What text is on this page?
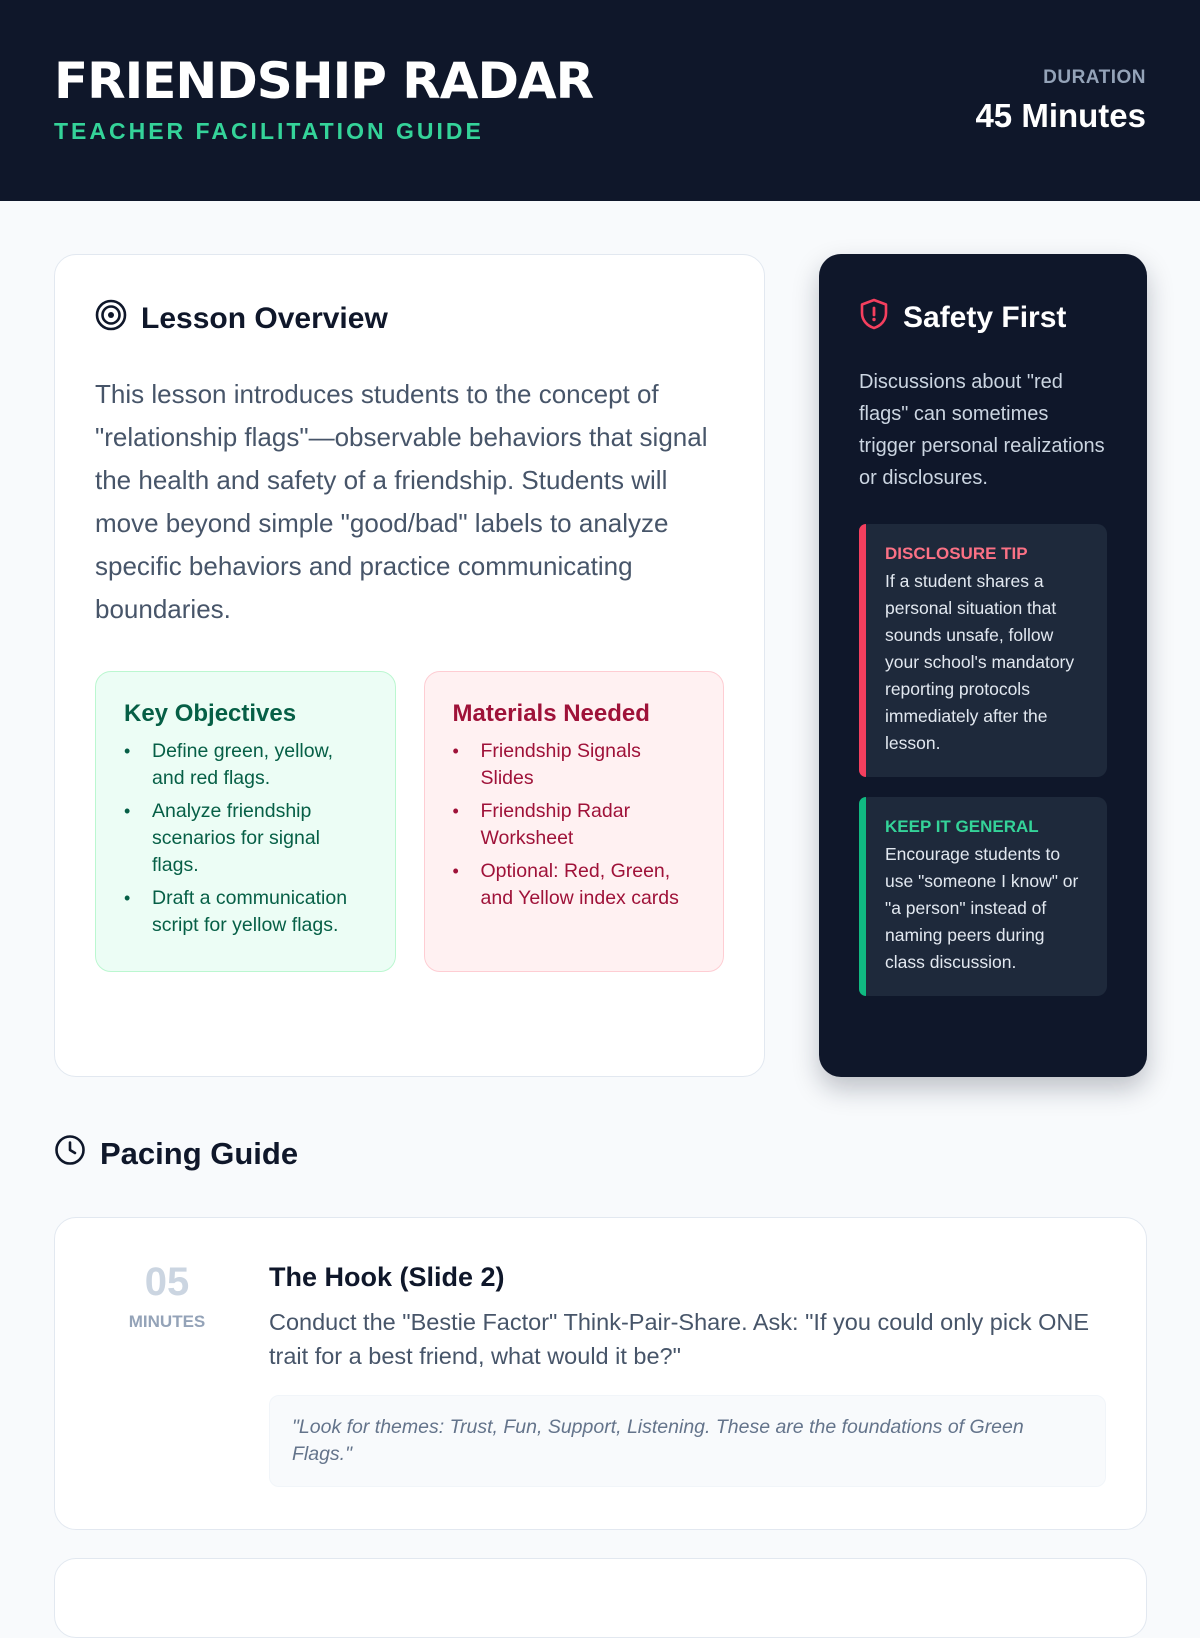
FRIENDSHIP RADAR
TEACHER FACILITATION GUIDE
DURATION
45 Minutes
Lesson Overview

This lesson introduces students to the concept of "relationship flags"—observable behaviors that signal the health and safety of a friendship. Students will move beyond simple "good/bad" labels to analyze specific behaviors and practice communicating boundaries.

Key Objectives
• Define green, yellow, and red flags.
• Analyze friendship scenarios for signal flags.
• Draft a communication script for yellow flags.
Materials Needed
• Friendship Signals Slides
• Friendship Radar Worksheet
• Optional: Red, Green, and Yellow index cards
Safety First

Discussions about "red flags" can sometimes trigger personal realizations or disclosures.

DISCLOSURE TIP
If a student shares a personal situation that sounds unsafe, follow your school's mandatory reporting protocols immediately after the lesson.
KEEP IT GENERAL
Encourage students to use "someone I know" or "a person" instead of naming peers during class discussion.
Pacing Guide
05
MINUTES
The Hook (Slide 2)

Conduct the "Bestie Factor" Think-Pair-Share. Ask: "If you could only pick ONE trait for a best friend, what would it be?"

"Look for themes: Trust, Fun, Support, Listening. These are the foundations of Green Flags."
